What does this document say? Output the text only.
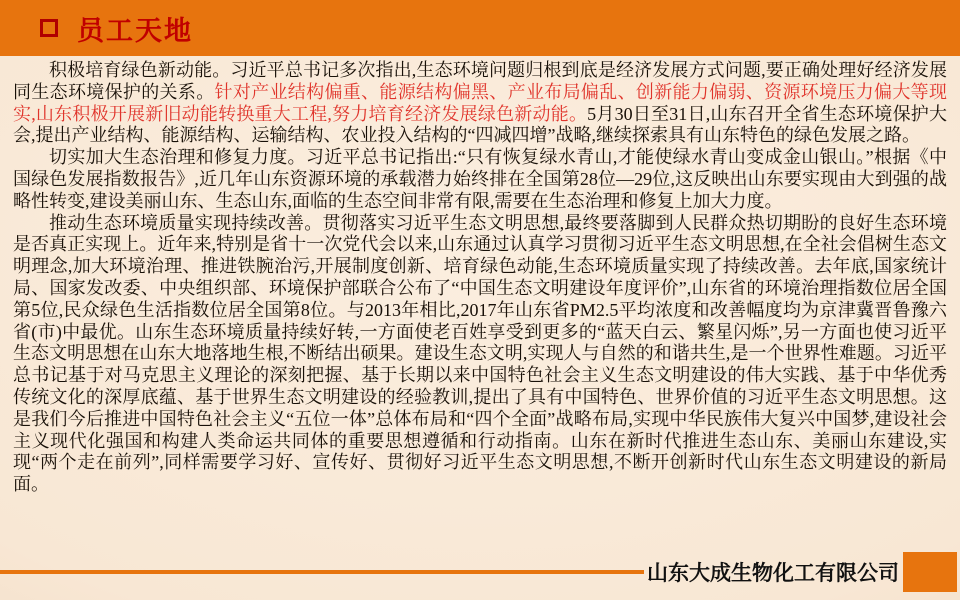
员工天地

积极培育绿色新动能。习近平总书记多次指出,生态环境问题归根到底是经济发展方式问题,要正确处理好经济发展同生态环境保护的关系。针对产业结构偏重、能源结构偏黑、产业布局偏乱、创新能力偏弱、资源环境压力偏大等现实,山东积极开展新旧动能转换重大工程,努力培育经济发展绿色新动能。5月30日至31日,山东召开全省生态环境保护大会,提出产业结构、能源结构、运输结构、农业投入结构的“四减四增”战略,继续探索具有山东特色的绿色发展之路。

切实加大生态治理和修复力度。习近平总书记指出:“只有恢复绿水青山,才能使绿水青山变成金山银山。”根据《中国绿色发展指数报告》,近几年山东资源环境的承载潜力始终排在全国第28位—29位,这反映出山东要实现由大到强的战略性转变,建设美丽山东、生态山东,面临的生态空间非常有限,需要在生态治理和修复上加大力度。

推动生态环境质量实现持续改善。贯彻落实习近平生态文明思想,最终要落脚到人民群众热切期盼的良好生态环境是否真正实现上。近年来,特别是省十一次党代会以来,山东通过认真学习贯彻习近平生态文明思想,在全社会倡树生态文明理念,加大环境治理、推进铁腕治污,开展制度创新、培育绿色动能,生态环境质量实现了持续改善。去年底,国家统计局、国家发改委、中央组织部、环境保护部联合公布了“中国生态文明建设年度评价”,山东省的环境治理指数位居全国第5位,民众绿色生活指数位居全国第8位。与2013年相比,2017年山东省PM2.5平均浓度和改善幅度均为京津冀晋鲁豫六省(市)中最优。山东生态环境质量持续好转,一方面使老百姓享受到更多的“蓝天白云、繁星闪烁”,另一方面也使习近平生态文明思想在山东大地落地生根,不断结出硕果。建设生态文明,实现人与自然的和谐共生,是一个世界性难题。习近平总书记基于对马克思主义理论的深刻把握、基于长期以来中国特色社会主义生态文明建设的伟大实践、基于中华优秀传统文化的深厚底蕴、基于世界生态文明建设的经验教训,提出了具有中国特色、世界价值的习近平生态文明思想。这是我们今后推进中国特色社会主义“五位一体”总体布局和“四个全面”战略布局,实现中华民族伟大复兴中国梦,建设社会主义现代化强国和构建人类命运共同体的重要思想遵循和行动指南。山东在新时代推进生态山东、美丽山东建设,实现“两个走在前列”,同样需要学习好、宣传好、贯彻好习近平生态文明思想,不断开创新时代山东生态文明建设的新局面。

山东大成生物化工有限公司
